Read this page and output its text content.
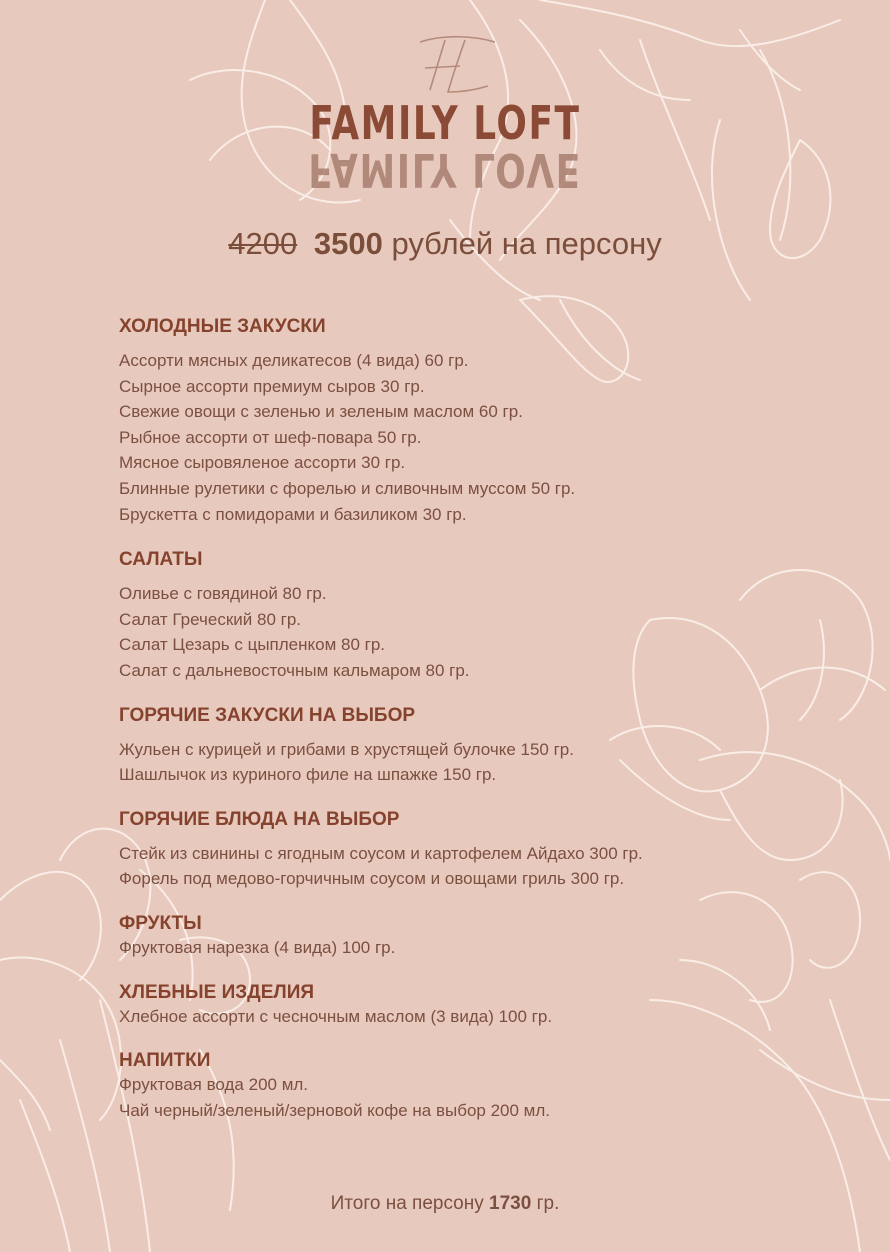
FAMILY LOFT
FAMILY LOVE
4200 3500 рублей на персону
ХОЛОДНЫЕ ЗАКУСКИ
Ассорти мясных деликатесов (4 вида) 60 гр.
Сырное ассорти премиум сыров 30 гр.
Свежие овощи с зеленью и зеленым маслом 60 гр.
Рыбное ассорти от шеф-повара 50 гр.
Мясное сыровяленое ассорти 30 гр.
Блинные рулетики с форелью и сливочным муссом 50 гр.
Брускетта с помидорами и базиликом 30 гр.
САЛАТЫ
Оливье с говядиной 80 гр.
Салат Греческий 80 гр.
Салат Цезарь с цыпленком 80 гр.
Салат с дальневосточным кальмаром 80 гр.
ГОРЯЧИЕ ЗАКУСКИ НА ВЫБОР
Жульен с курицей и грибами в хрустящей булочке 150 гр.
Шашлычок из куриного филе на шпажке 150 гр.
ГОРЯЧИЕ БЛЮДА НА ВЫБОР
Стейк из свинины с ягодным соусом и картофелем Айдахо 300 гр.
Форель под медово-горчичным соусом и овощами гриль 300 гр.
ФРУКТЫ
Фруктовая нарезка (4 вида) 100 гр.
ХЛЕБНЫЕ ИЗДЕЛИЯ
Хлебное ассорти с чесночным маслом (3 вида) 100 гр.
НАПИТКИ
Фруктовая вода 200 мл.
Чай черный/зеленый/зерновой кофе на выбор 200 мл.
Итого на персону 1730 гр.
